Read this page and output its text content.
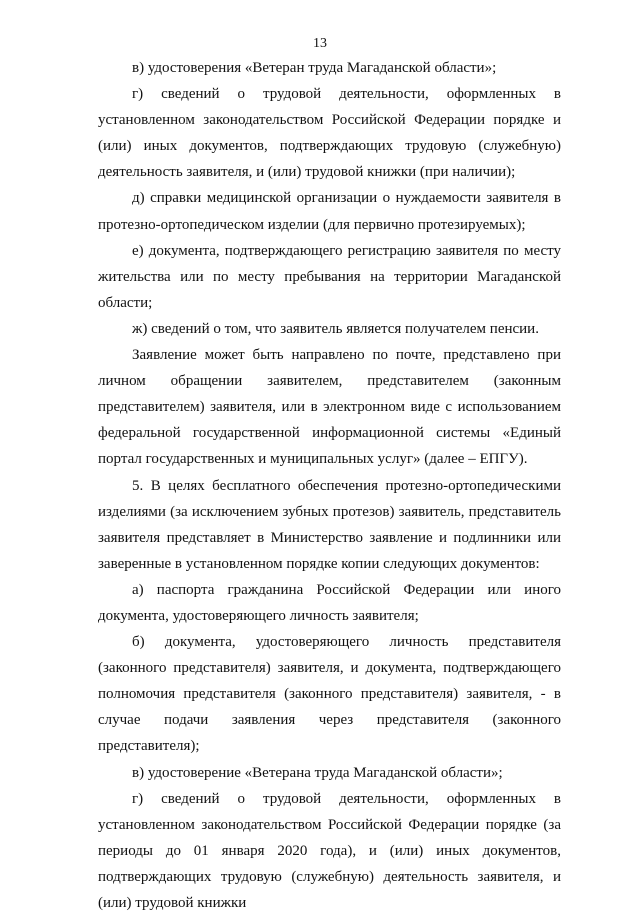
13

в) удостоверения «Ветеран труда Магаданской области»;

г) сведений о трудовой деятельности, оформленных в установленном законодательством Российской Федерации порядке и (или) иных документов, подтверждающих трудовую (служебную) деятельность заявителя, и (или) трудовой книжки (при наличии);

д) справки медицинской организации о нуждаемости заявителя в протезно-ортопедическом изделии (для первично протезируемых);

е) документа, подтверждающего регистрацию заявителя по месту жительства или по месту пребывания на территории Магаданской области;

ж) сведений о том, что заявитель является получателем пенсии.

Заявление может быть направлено по почте, представлено при личном обращении заявителем, представителем (законным представителем) заявителя, или в электронном виде с использованием федеральной государственной информационной системы «Единый портал государственных и муниципальных услуг» (далее – ЕПГУ).

5. В целях бесплатного обеспечения протезно-ортопедическими изделиями (за исключением зубных протезов) заявитель, представитель заявителя представляет в Министерство заявление и подлинники или заверенные в установленном порядке копии следующих документов:

а) паспорта гражданина Российской Федерации или иного документа, удостоверяющего личность заявителя;

б) документа, удостоверяющего личность представителя (законного представителя) заявителя, и документа, подтверждающего полномочия представителя (законного представителя) заявителя, - в случае подачи заявления через представителя (законного представителя);

в) удостоверение «Ветерана труда Магаданской области»;

г) сведений о трудовой деятельности, оформленных в установленном законодательством Российской Федерации порядке (за периоды до 01 января 2020 года), и (или) иных документов, подтверждающих трудовую (служебную) деятельность заявителя, и (или) трудовой книжки
